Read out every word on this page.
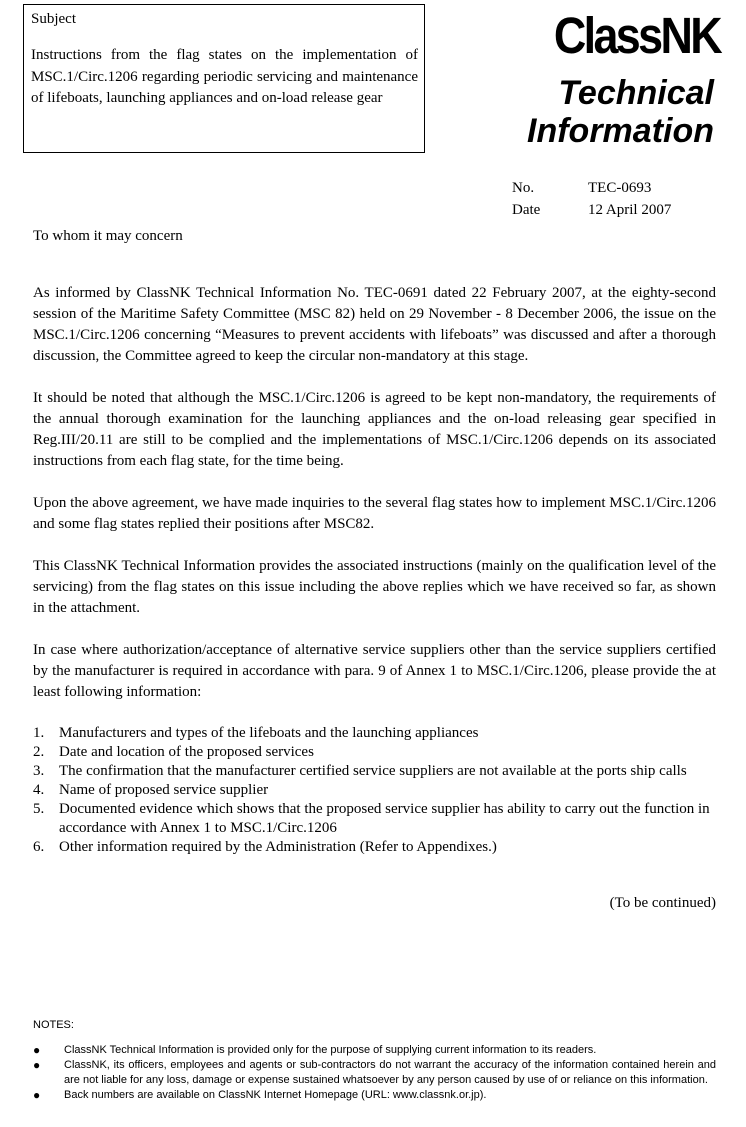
Subject
Instructions from the flag states on the implementation of MSC.1/Circ.1206 regarding periodic servicing and maintenance of lifeboats, launching appliances and on-load release gear
ClassNK
Technical
Information
No.	TEC-0693
Date	12 April 2007

To whom it may concern

As informed by ClassNK Technical Information No. TEC-0691 dated 22 February 2007, at the eighty-second session of the Maritime Safety Committee (MSC 82) held on 29 November - 8 December 2006, the issue on the MSC.1/Circ.1206 concerning “Measures to prevent accidents with lifeboats” was discussed and after a thorough discussion, the Committee agreed to keep the circular non-mandatory at this stage.

It should be noted that although the MSC.1/Circ.1206 is agreed to be kept non-mandatory, the requirements of the annual thorough examination for the launching appliances and the on-load releasing gear specified in Reg.III/20.11 are still to be complied and the implementations of MSC.1/Circ.1206 depends on its associated instructions from each flag state, for the time being.

Upon the above agreement, we have made inquiries to the several flag states how to implement MSC.1/Circ.1206 and some flag states replied their positions after MSC82.

This ClassNK Technical Information provides the associated instructions (mainly on the qualification level of the servicing) from the flag states on this issue including the above replies which we have received so far, as shown in the attachment.

In case where authorization/acceptance of alternative service suppliers other than the service suppliers certified by the manufacturer is required in accordance with para. 9 of Annex 1 to MSC.1/Circ.1206, please provide the at least following information:

1. Manufacturers and types of the lifeboats and the launching appliances
2. Date and location of the proposed services
3. The confirmation that the manufacturer certified service suppliers are not available at the ports ship calls
4. Name of proposed service supplier
5. Documented evidence which shows that the proposed service supplier has ability to carry out the function in accordance with Annex 1 to MSC.1/Circ.1206
6. Other information required by the Administration (Refer to Appendixes.)
(To be continued)

NOTES:

●	ClassNK Technical Information is provided only for the purpose of supplying current information to its readers.
●	ClassNK, its officers, employees and agents or sub-contractors do not warrant the accuracy of the information contained herein and are not liable for any loss, damage or expense sustained whatsoever by any person caused by use of or reliance on this information.
●	Back numbers are available on ClassNK Internet Homepage (URL: www.classnk.or.jp).
